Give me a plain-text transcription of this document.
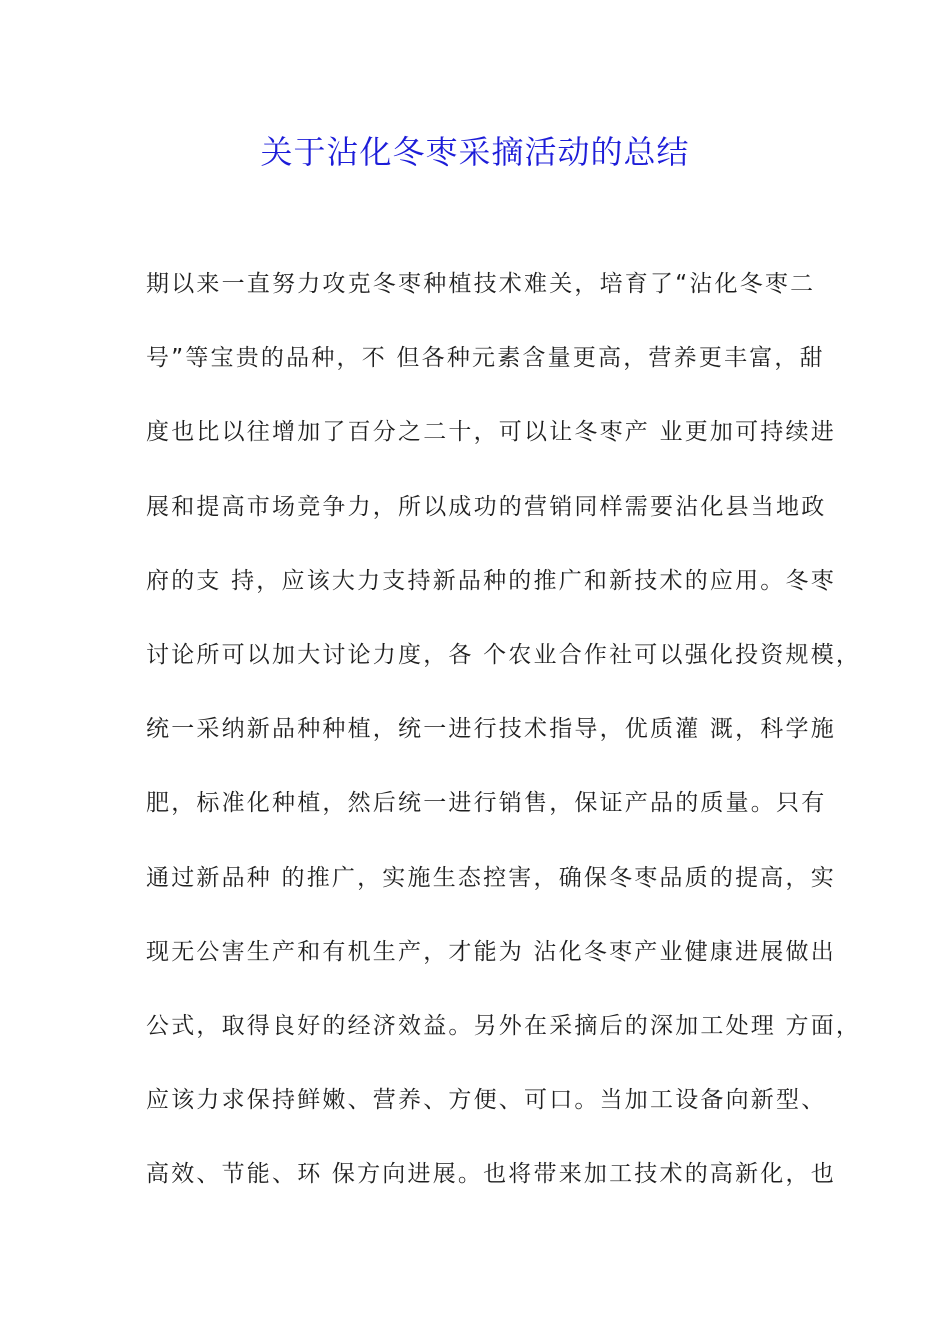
关于沾化冬枣采摘活动的总结
期以来一直努力攻克冬枣种植技术难关，培育了“沾化冬枣二
号”等宝贵的品种，不 但各种元素含量更高，营养更丰富，甜
度也比以往增加了百分之二十，可以让冬枣产 业更加可持续进
展和提高市场竞争力，所以成功的营销同样需要沾化县当地政
府的支 持，应该大力支持新品种的推广和新技术的应用。冬枣
讨论所可以加大讨论力度，各 个农业合作社可以强化投资规模，
统一采纳新品种种植，统一进行技术指导，优质灌 溉，科学施
肥，标准化种植，然后统一进行销售，保证产品的质量。只有
通过新品种 的推广，实施生态控害，确保冬枣品质的提高，实
现无公害生产和有机生产，才能为 沾化冬枣产业健康进展做出
公式，取得良好的经济效益。另外在采摘后的深加工处理 方面，
应该力求保持鲜嫩、营养、方便、可口。当加工设备向新型、
高效、节能、环 保方向进展。也将带来加工技术的高新化，也
